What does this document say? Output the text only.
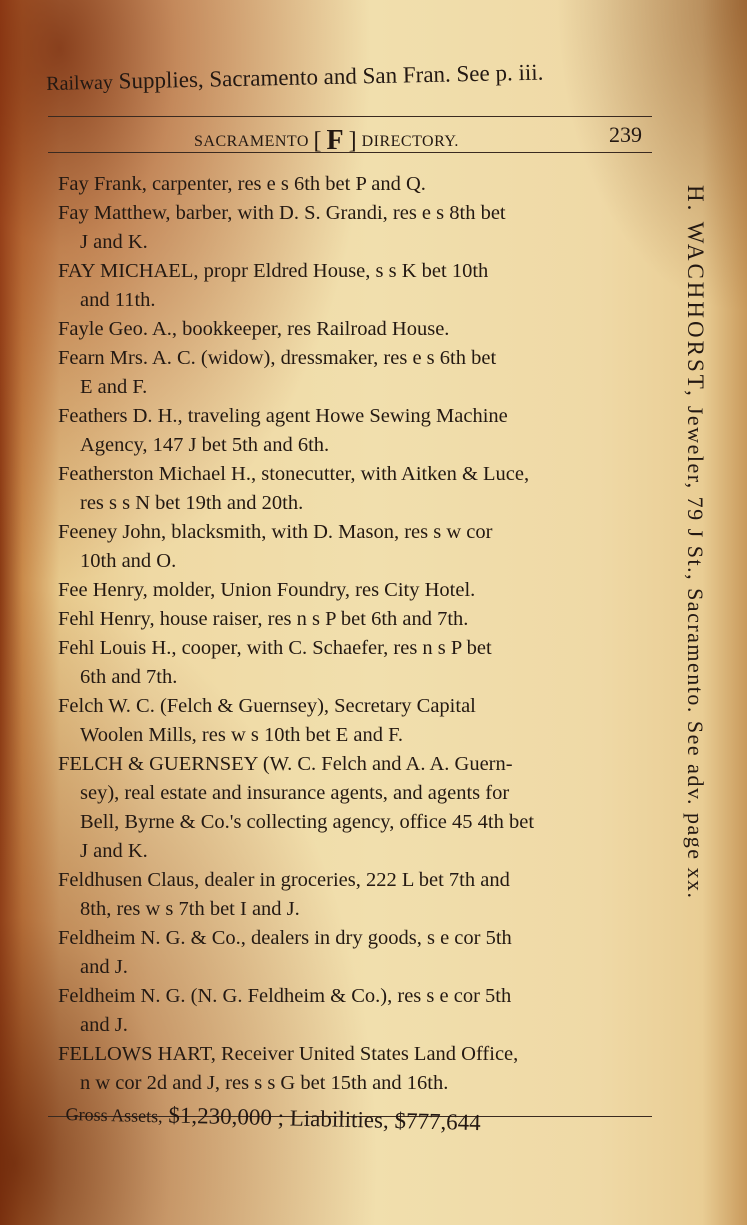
Railway Supplies, Sacramento and San Fran. See p. iii.
SACRAMENTO [ F ] DIRECTORY.	239
Fay Frank, carpenter, res e s 6th bet P and Q.
Fay Matthew, barber, with D. S. Grandi, res e s 8th bet
J and K.
FAY MICHAEL, propr Eldred House, s s K bet 10th
and 11th.
Fayle Geo. A., bookkeeper, res Railroad House.
Fearn Mrs. A. C. (widow), dressmaker, res e s 6th bet
E and F.
Feathers D. H., traveling agent Howe Sewing Machine
Agency, 147 J bet 5th and 6th.
Featherston Michael H., stonecutter, with Aitken & Luce,
res s s N bet 19th and 20th.
Feeney John, blacksmith, with D. Mason, res s w cor
10th and O.
Fee Henry, molder, Union Foundry, res City Hotel.
Fehl Henry, house raiser, res n s P bet 6th and 7th.
Fehl Louis H., cooper, with C. Schaefer, res n s P bet
6th and 7th.
Felch W. C. (Felch & Guernsey), Secretary Capital
Woolen Mills, res w s 10th bet E and F.
FELCH & GUERNSEY (W. C. Felch and A. A. Guern-
sey), real estate and insurance agents, and agents for
Bell, Byrne & Co.'s collecting agency, office 45 4th bet
J and K.
Feldhusen Claus, dealer in groceries, 222 L bet 7th and
8th, res w s 7th bet I and J.
Feldheim N. G. & Co., dealers in dry goods, s e cor 5th
and J.
Feldheim N. G. (N. G. Feldheim & Co.), res s e cor 5th
and J.
FELLOWS HART, Receiver United States Land Office,
n w cor 2d and J, res s s G bet 15th and 16th.
Gross Assets, $1,230,000 ; Liabilities, $777,644
H. WACHHORST, Jeweler, 79 J St., Sacramento. See adv. page xx.
